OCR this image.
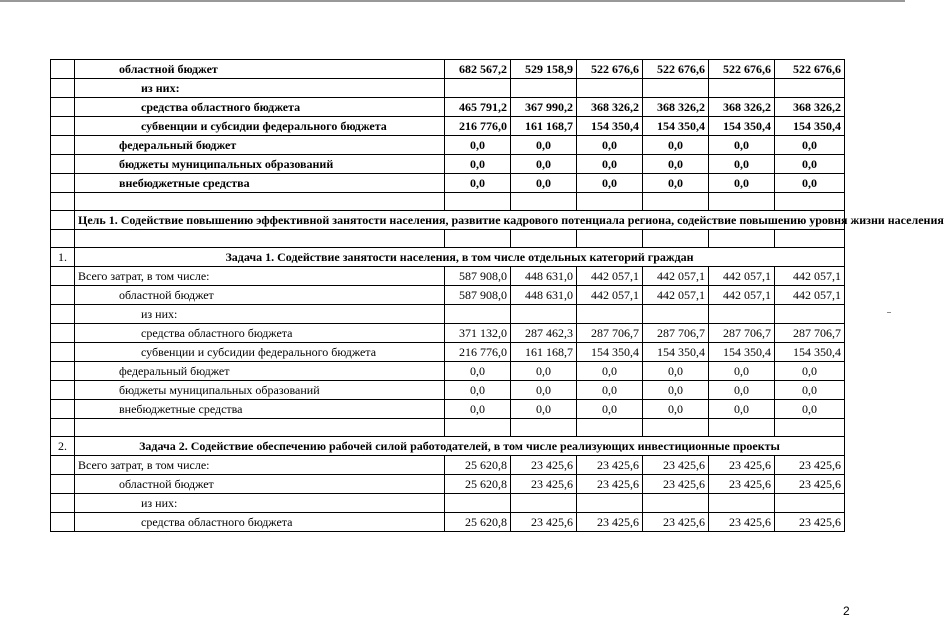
	областной бюджет	682 567,2	529 158,9	522 676,6	522 676,6	522 676,6	522 676,6
	из них:						
	средства областного бюджета	465 791,2	367 990,2	368 326,2	368 326,2	368 326,2	368 326,2
	субвенции и субсидии федерального бюджета	216 776,0	161 168,7	154 350,4	154 350,4	154 350,4	154 350,4
	федеральный бюджет	0,0	0,0	0,0	0,0	0,0	0,0
	бюджеты муниципальных образований	0,0	0,0	0,0	0,0	0,0	0,0
	внебюджетные средства	0,0	0,0	0,0	0,0	0,0	0,0

	Цель 1. Содействие повышению эффективной занятости населения, развитие кадрового потенциала региона, содействие повышению уровня жизни населения						

1.	Задача 1. Содействие занятости населения, в том числе отдельных категорий граждан						
	Всего затрат, в том числе:	587 908,0	448 631,0	442 057,1	442 057,1	442 057,1	442 057,1
	областной бюджет	587 908,0	448 631,0	442 057,1	442 057,1	442 057,1	442 057,1
	из них:						
	средства областного бюджета	371 132,0	287 462,3	287 706,7	287 706,7	287 706,7	287 706,7
	субвенции и субсидии федерального бюджета	216 776,0	161 168,7	154 350,4	154 350,4	154 350,4	154 350,4
	федеральный бюджет	0,0	0,0	0,0	0,0	0,0	0,0
	бюджеты муниципальных образований	0,0	0,0	0,0	0,0	0,0	0,0
	внебюджетные средства	0,0	0,0	0,0	0,0	0,0	0,0

2.	Задача 2. Содействие обеспечению рабочей силой работодателей, в том числе реализующих инвестиционные проекты						
	Всего затрат, в том числе:	25 620,8	23 425,6	23 425,6	23 425,6	23 425,6	23 425,6
	областной бюджет	25 620,8	23 425,6	23 425,6	23 425,6	23 425,6	23 425,6
	из них:						
	средства областного бюджета	25 620,8	23 425,6	23 425,6	23 425,6	23 425,6	23 425,6
2
